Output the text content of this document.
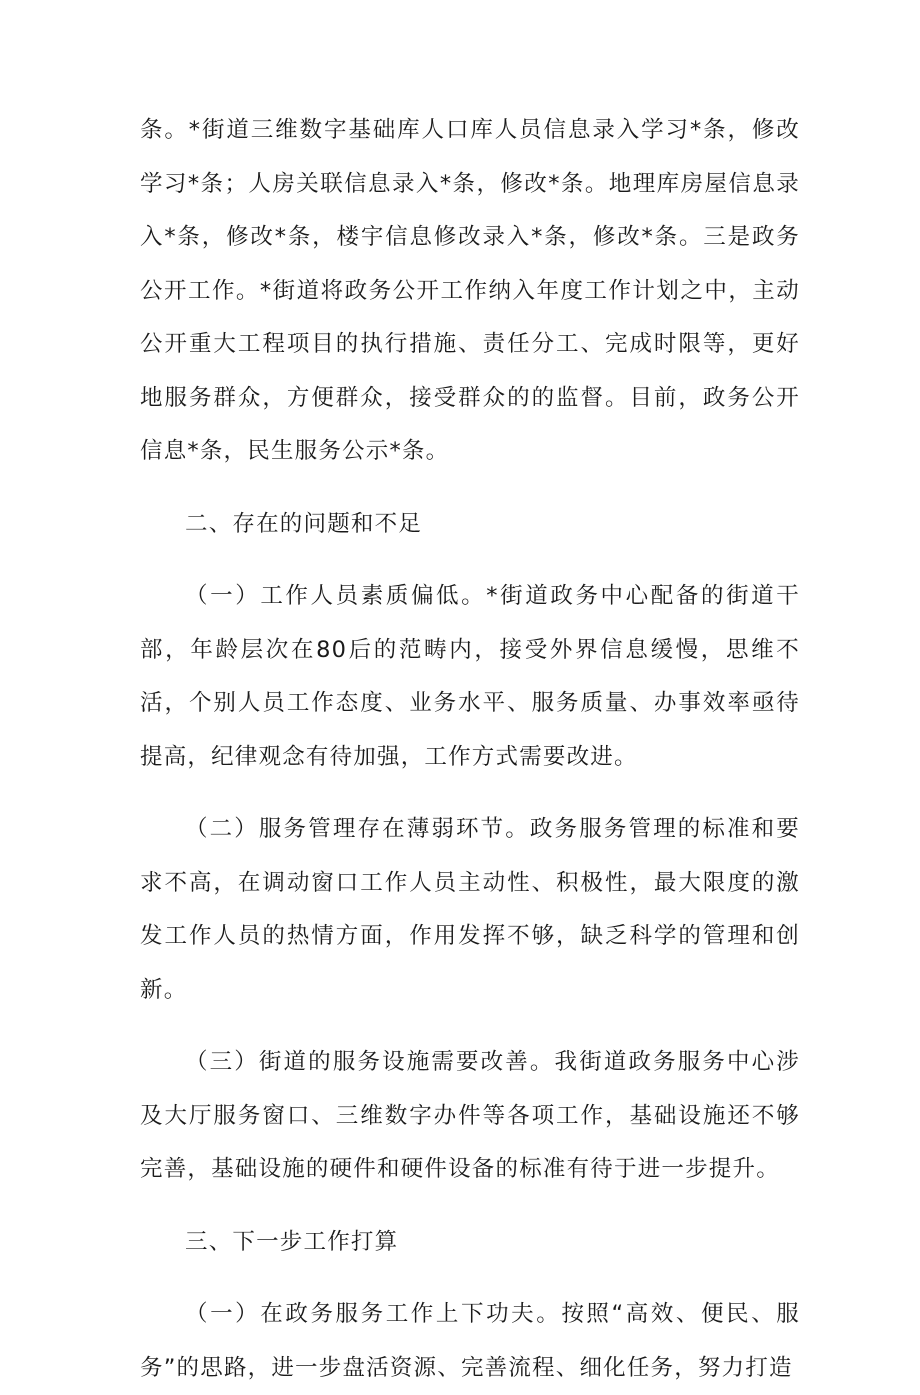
条。*街道三维数字基础库人口库人员信息录入学习*条，修改学习*条；人房关联信息录入*条，修改*条。地理库房屋信息录入*条，修改*条，楼宇信息修改录入*条，修改*条。三是政务公开工作。*街道将政务公开工作纳入年度工作计划之中，主动公开重大工程项目的执行措施、责任分工、完成时限等，更好地服务群众，方便群众，接受群众的的监督。目前，政务公开信息*条，民生服务公示*条。

二、存在的问题和不足

（一）工作人员素质偏低。*街道政务中心配备的街道干部，年龄层次在80后的范畴内，接受外界信息缓慢，思维不活，个别人员工作态度、业务水平、服务质量、办事效率亟待提高，纪律观念有待加强，工作方式需要改进。

（二）服务管理存在薄弱环节。政务服务管理的标准和要求不高，在调动窗口工作人员主动性、积极性，最大限度的激发工作人员的热情方面，作用发挥不够，缺乏科学的管理和创新。

（三）街道的服务设施需要改善。我街道政务服务中心涉及大厅服务窗口、三维数字办件等各项工作，基础设施还不够完善，基础设施的硬件和硬件设备的标准有待于进一步提升。

三、下一步工作打算

（一）在政务服务工作上下功夫。按照“高效、便民、服务”的思路，进一步盘活资源、完善流程、细化任务，努力打造
